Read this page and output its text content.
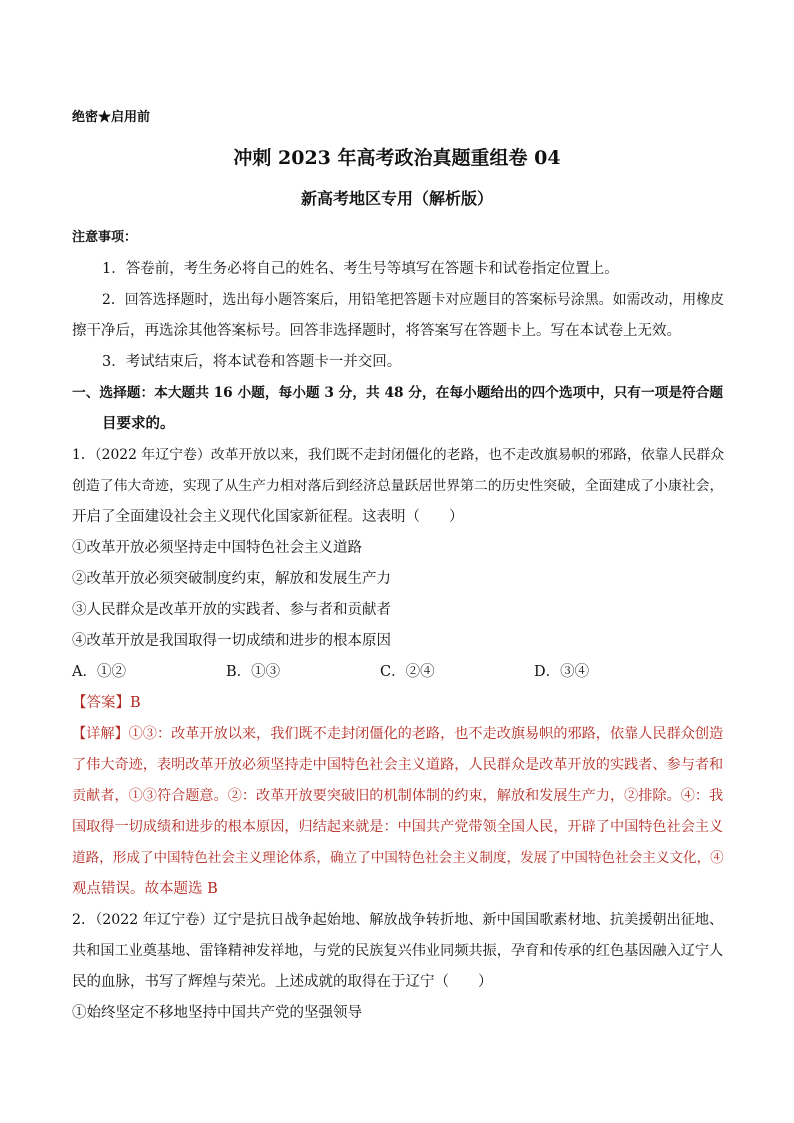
绝密★启用前
冲刺 2023 年高考政治真题重组卷 04
新高考地区专用（解析版）
注意事项：
1．答卷前，考生务必将自己的姓名、考生号等填写在答题卡和试卷指定位置上。
2．回答选择题时，选出每小题答案后，用铅笔把答题卡对应题目的答案标号涂黑。如需改动，用橡皮
擦干净后，再选涂其他答案标号。回答非选择题时，将答案写在答题卡上。写在本试卷上无效。
3．考试结束后，将本试卷和答题卡一并交回。
一、选择题：本大题共 16 小题，每小题 3 分，共 48 分，在每小题给出的四个选项中，只有一项是符合题
目要求的。
1．（2022 年辽宁卷）改革开放以来，我们既不走封闭僵化的老路，也不走改旗易帜的邪路，依靠人民群众
创造了伟大奇迹，实现了从生产力相对落后到经济总量跃居世界第二的历史性突破，全面建成了小康社会，
开启了全面建设社会主义现代化国家新征程。这表明（　　）
①改革开放必须坚持走中国特色社会主义道路
②改革开放必须突破制度约束，解放和发展生产力
③人民群众是改革开放的实践者、参与者和贡献者
④改革开放是我国取得一切成绩和进步的根本原因
A．①②	B．①③	C．②④	D．③④
【答案】B
【详解】①③：改革开放以来，我们既不走封闭僵化的老路，也不走改旗易帜的邪路，依靠人民群众创造
了伟大奇迹，表明改革开放必须坚持走中国特色社会主义道路，人民群众是改革开放的实践者、参与者和
贡献者，①③符合题意。②：改革开放要突破旧的机制体制的约束，解放和发展生产力，②排除。④：我
国取得一切成绩和进步的根本原因，归结起来就是：中国共产党带领全国人民，开辟了中国特色社会主义
道路，形成了中国特色社会主义理论体系，确立了中国特色社会主义制度，发展了中国特色社会主义文化，④
观点错误。故本题选 B
2．（2022 年辽宁卷）辽宁是抗日战争起始地、解放战争转折地、新中国国歌素材地、抗美援朝出征地、
共和国工业奠基地、雷锋精神发祥地，与党的民族复兴伟业同频共振，孕育和传承的红色基因融入辽宁人
民的血脉，书写了辉煌与荣光。上述成就的取得在于辽宁（　　）
①始终坚定不移地坚持中国共产党的坚强领导
